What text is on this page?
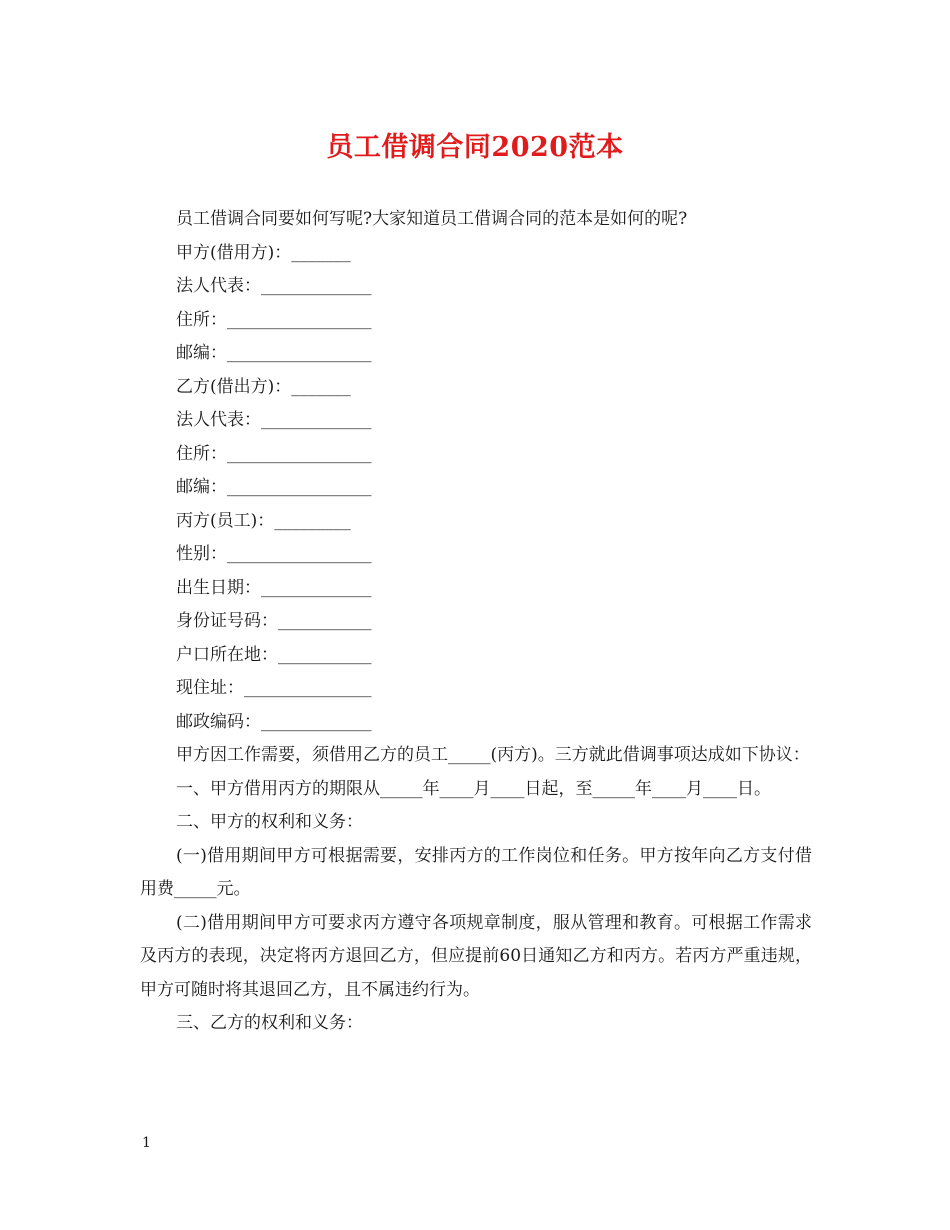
员工借调合同2020范本

员工借调合同要如何写呢?大家知道员工借调合同的范本是如何的呢?

甲方(借用方)：_______

法人代表：_____________

住所：_________________

邮编：_________________

乙方(借出方)：_______

法人代表：_____________

住所：_________________

邮编：_________________

丙方(员工)：_________

性别：_________________

出生日期：_____________

身份证号码：___________

户口所在地：___________

现住址：_______________

邮政编码：_____________

甲方因工作需要，须借用乙方的员工_____(丙方)。三方就此借调事项达成如下协议：

一、甲方借用丙方的期限从_____年____月____日起，至_____年____月____日。

二、甲方的权利和义务：

(一)借用期间甲方可根据需要，安排丙方的工作岗位和任务。甲方按年向乙方支付借用费_____元。

(二)借用期间甲方可要求丙方遵守各项规章制度，服从管理和教育。可根据工作需求及丙方的表现，决定将丙方退回乙方，但应提前60日通知乙方和丙方。若丙方严重违规，甲方可随时将其退回乙方，且不属违约行为。

三、乙方的权利和义务：

1
